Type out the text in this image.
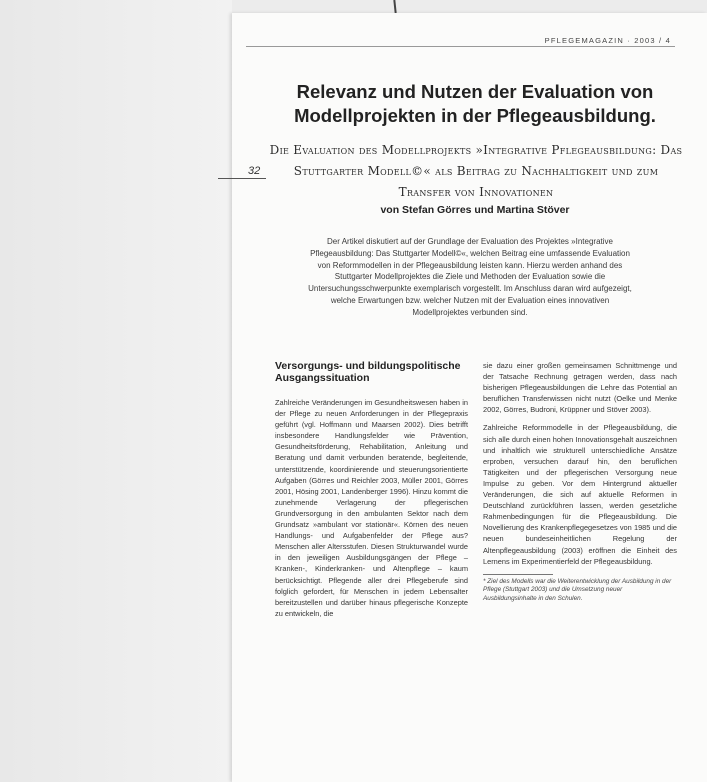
PFLEGEMAGAZIN · 2003 / 4
32
Relevanz und Nutzen der Evaluation von Modellprojekten in der Pflegeausbildung.

Die Evaluation des Modellprojekts »Integrative Pflegeausbildung: Das Stuttgarter Modell©« als Beitrag zu Nachhaltigkeit und zum Transfer von Innovationen

von Stefan Görres und Martina Stöver

Der Artikel diskutiert auf der Grundlage der Evaluation des Projektes »Integrative Pflegeausbildung: Das Stuttgarter Modell©«, welchen Beitrag eine umfassende Evaluation von Reformmodellen in der Pflegeausbildung leisten kann. Hierzu werden anhand des Stuttgarter Modellprojektes die Ziele und Methoden der Evaluation sowie die Untersuchungsschwerpunkte exemplarisch vorgestellt. Im Anschluss daran wird aufgezeigt, welche Erwartungen bzw. welcher Nutzen mit der Evaluation eines innovativen Modellprojektes verbunden sind.

Versorgungs- und bildungspolitische Ausgangssituation

Zahlreiche Veränderungen im Gesundheitswesen haben in der Pflege zu neuen Anforderungen in der Pflegepraxis geführt (vgl. Hoffmann und Maarsen 2002). Dies betrifft insbesondere Handlungsfelder wie Prävention, Gesundheitsförderung, Rehabilitation, Anleitung und Beratung und damit verbunden beratende, begleitende, unterstützende, koordinierende und steuerungsorientierte Aufgaben (Görres und Reichler 2003, Müller 2001, Görres 2001, Hösing 2001, Landenberger 1996). Hinzu kommt die zunehmende Verlagerung der pflegerischen Grundversorgung in den ambulanten Sektor nach dem Grundsatz »ambulant vor stationär«. Körnen des neuen Handlungs- und Aufgabenfelder der Pflege aus? Menschen aller Altersstufen. Diesen Strukturwandel wurde in den jeweiligen Ausbildungsgängen der Pflege – Kranken-, Kinderkranken- und Altenpflege – kaum berücksichtigt. Pflegende aller drei Pflegeberufe sind folglich gefordert, für Menschen in jedem Lebensalter bereitzustellen und darüber hinaus pflegerische Konzepte zu entwickeln, die

sie dazu einer großen gemeinsamen Schnittmenge und der Tatsache Rechnung getragen werden, dass nach bisherigen Pflegeausbildungen die Lehre das Potential an beruflichen Transferwissen nicht nutzt (Oelke und Menke 2002, Görres, Budroni, Krüppner und Stöver 2003).

Zahlreiche Reformmodelle in der Pflegeausbildung, die sich alle durch einen hohen Innovationsgehalt auszeichnen und inhaltlich wie strukturell unterschiedliche Ansätze erproben, versuchen darauf hin, den beruflichen Tätigkeiten und der pflegerischen Versorgung neue Impulse zu geben. Vor dem Hintergrund aktueller Veränderungen, die sich auf aktuelle Reformen in Deutschland zurückführen lassen, werden gesetzliche Rahmenbedingungen für die Pflegeausbildung. Die Novellierung des Krankenpflegegesetzes von 1985 und die neuen bundeseinheitlichen Regelung der Altenpflegeausbildung (2003) eröffnen die Einheit des Lernens im Experimentierfeld der Pflegeausbildung.

* Ziel des Modells war die Weiterentwicklung der Ausbildung in der Pflege (Stuttgart 2003) und die Umsetzung neuer Ausbildungsinhalte in den Schulen.
